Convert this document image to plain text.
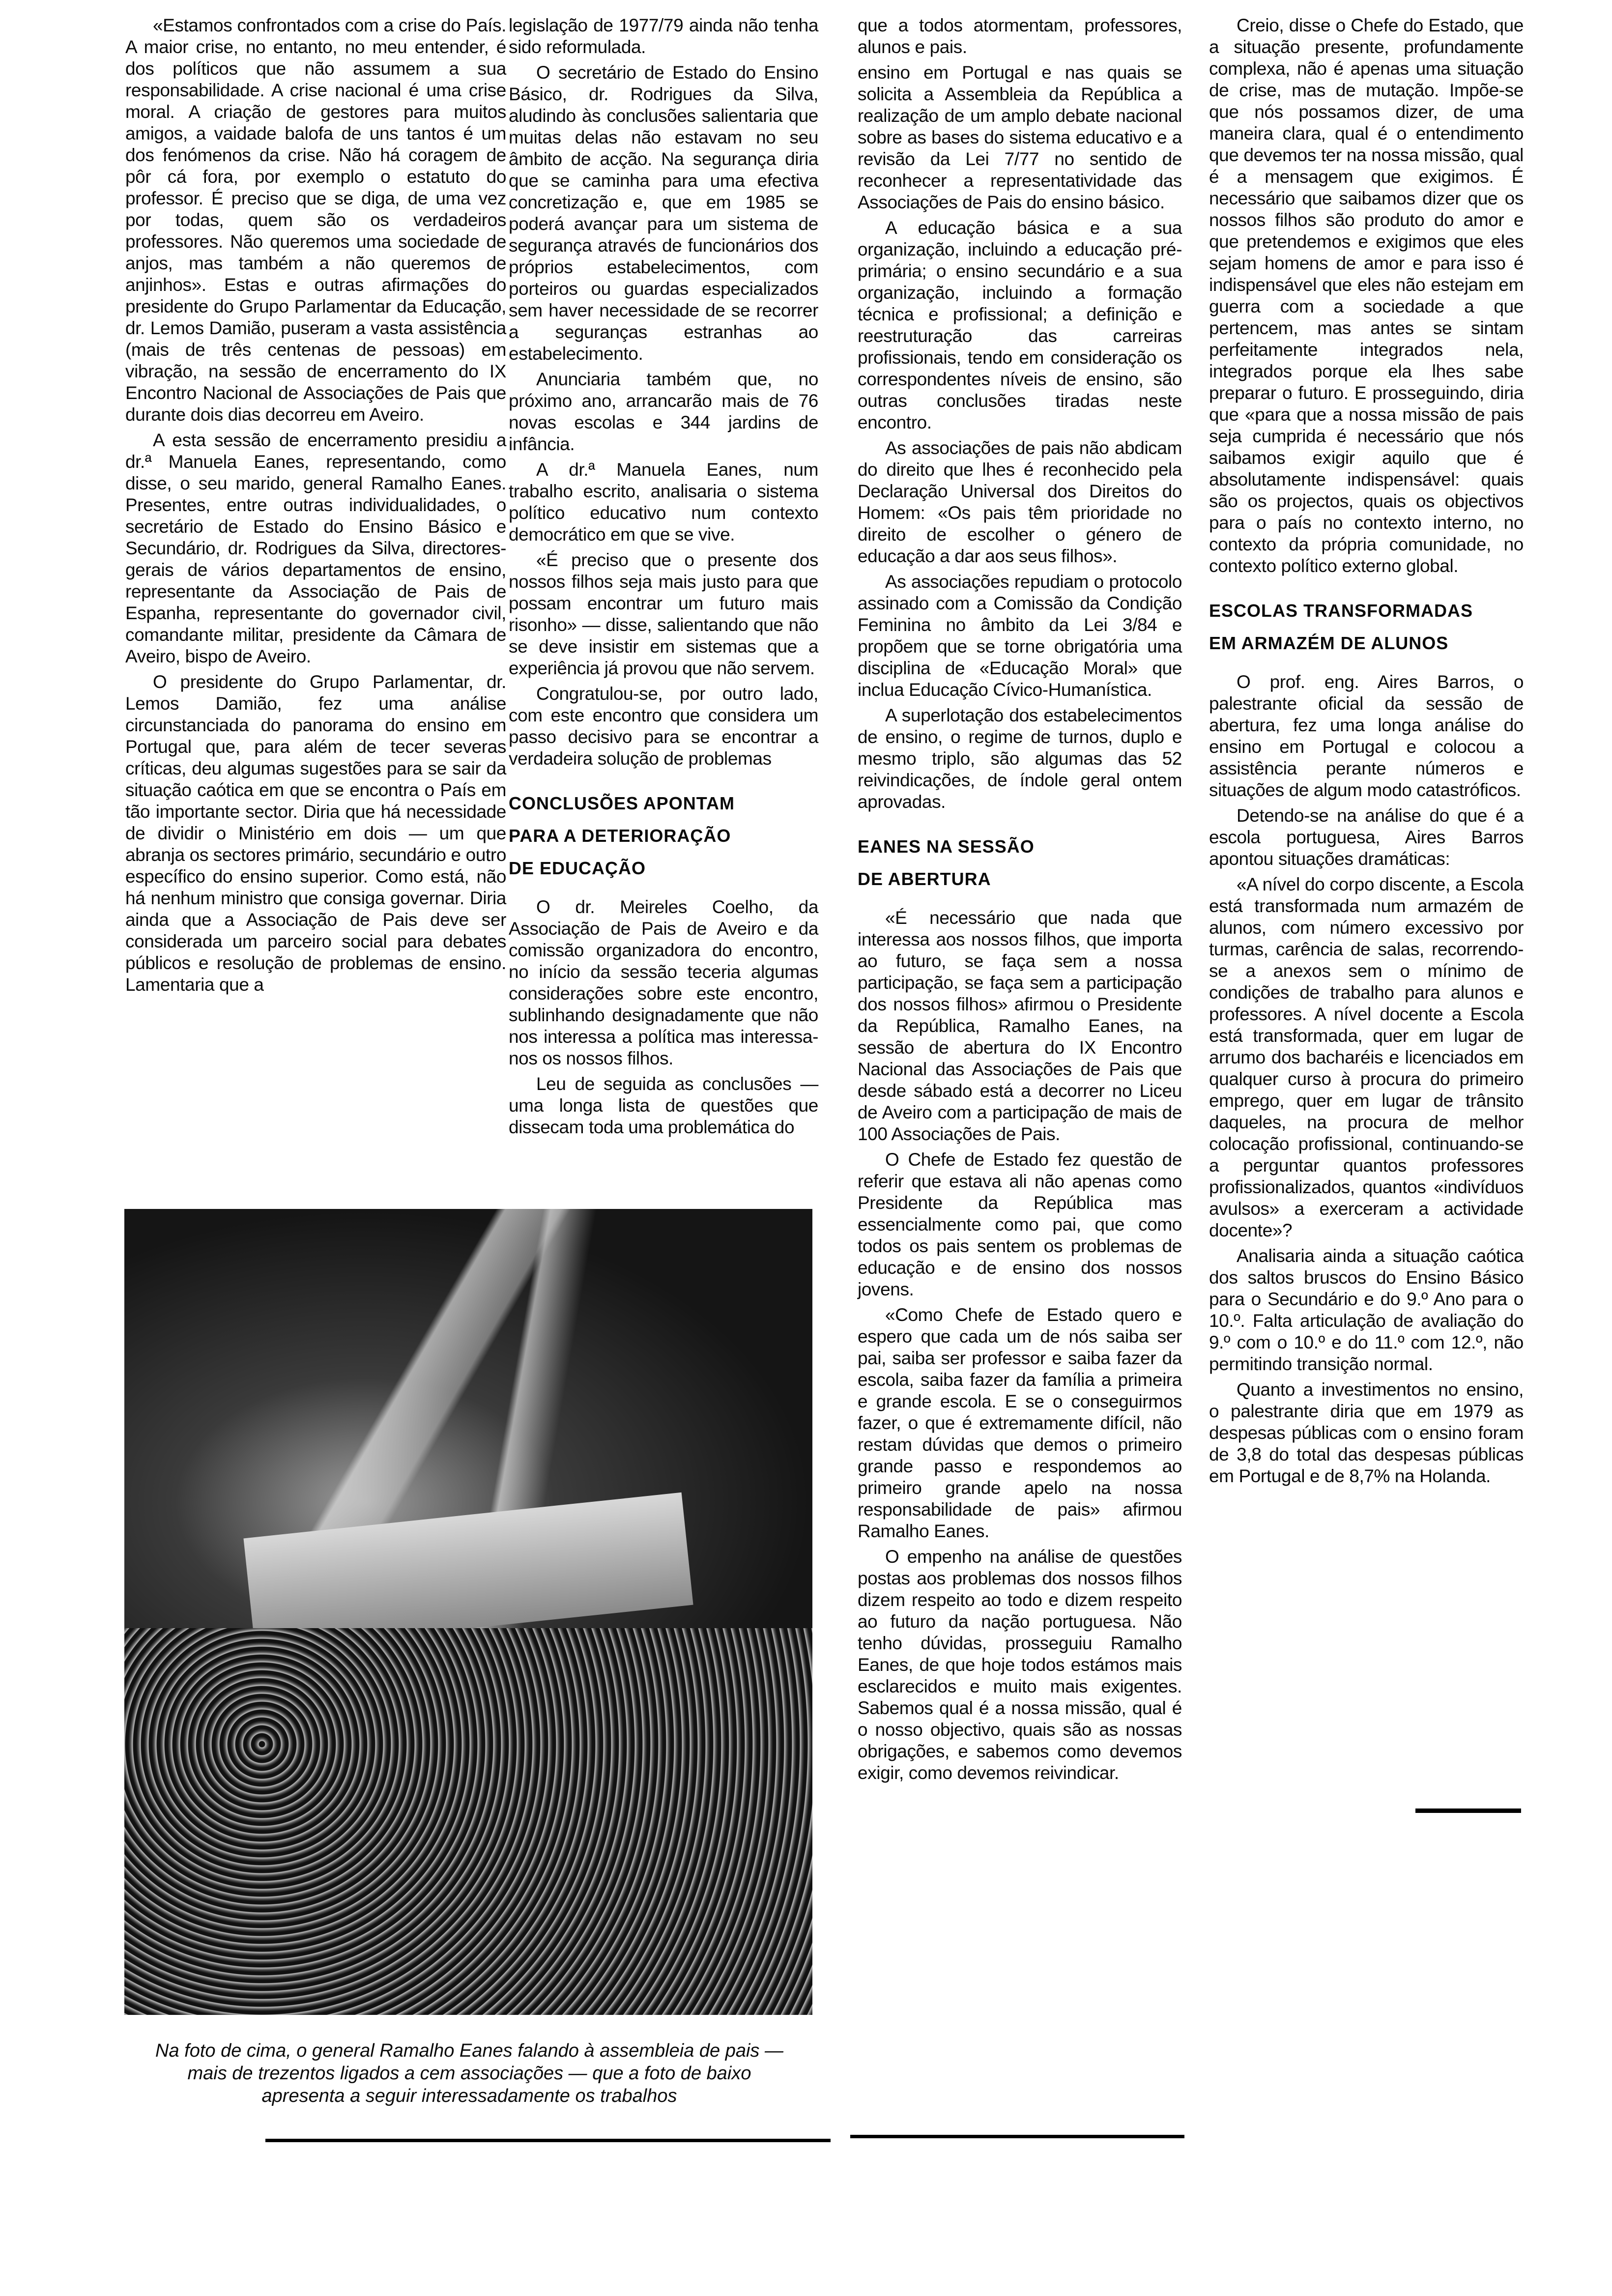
«Estamos confrontados com a crise do País. A maior crise, no entanto, no meu entender, é dos políticos que não assumem a sua responsabilidade. A crise nacional é uma crise moral. A criação de gestores para muitos amigos, a vaidade balofa de uns tantos é um dos fenómenos da crise. Não há coragem de pôr cá fora, por exemplo o estatuto do professor. É preciso que se diga, de uma vez por todas, quem são os verdadeiros professores. Não queremos uma sociedade de anjos, mas também a não queremos de anjinhos». Estas e outras afirmações do presidente do Grupo Parlamentar da Educação, dr. Lemos Damião, puseram a vasta assistência (mais de três centenas de pessoas) em vibração, na sessão de encerramento do IX Encontro Nacional de Associações de Pais que durante dois dias decorreu em Aveiro.

A esta sessão de encerramento presidiu a dr.ª Manuela Eanes, representando, como disse, o seu marido, general Ramalho Eanes. Presentes, entre outras individualidades, o secretário de Estado do Ensino Básico e Secundário, dr. Rodrigues da Silva, directores-gerais de vários departamentos de ensino, representante da Associação de Pais de Espanha, representante do governador civil, comandante militar, presidente da Câmara de Aveiro, bispo de Aveiro.

O presidente do Grupo Parlamentar, dr. Lemos Damião, fez uma análise circunstanciada do panorama do ensino em Portugal que, para além de tecer severas críticas, deu algumas sugestões para se sair da situação caótica em que se encontra o País em tão importante sector. Diria que há necessidade de dividir o Ministério em dois — um que abranja os sectores primário, secundário e outro específico do ensino superior. Como está, não há nenhum ministro que consiga governar. Diria ainda que a Associação de Pais deve ser considerada um parceiro social para debates públicos e resolução de problemas de ensino. Lamentaria que a

legislação de 1977/79 ainda não tenha sido reformulada.

O secretário de Estado do Ensino Básico, dr. Rodrigues da Silva, aludindo às conclusões salientaria que muitas delas não estavam no seu âmbito de acção. Na segurança diria que se caminha para uma efectiva concretização e, que em 1985 se poderá avançar para um sistema de segurança através de funcionários dos próprios estabelecimentos, com porteiros ou guardas especializados sem haver necessidade de se recorrer a seguranças estranhas ao estabelecimento.

Anunciaria também que, no próximo ano, arrancarão mais de 76 novas escolas e 344 jardins de infância.

A dr.ª Manuela Eanes, num trabalho escrito, analisaria o sistema político educativo num contexto democrático em que se vive.

«É preciso que o presente dos nossos filhos seja mais justo para que possam encontrar um futuro mais risonho» — disse, salientando que não se deve insistir em sistemas que a experiência já provou que não servem.

Congratulou-se, por outro lado, com este encontro que considera um passo decisivo para se encontrar a verdadeira solução de problemas

CONCLUSÕES APONTAM
PARA A DETERIORAÇÃO
DE EDUCAÇÃO

O dr. Meireles Coelho, da Associação de Pais de Aveiro e da comissão organizadora do encontro, no início da sessão teceria algumas considerações sobre este encontro, sublinhando designadamente que não nos interessa a política mas interessa-nos os nossos filhos.

Leu de seguida as conclusões — uma longa lista de questões que dissecam toda uma problemática do

que a todos atormentam, professores, alunos e pais.

ensino em Portugal e nas quais se solicita a Assembleia da República a realização de um amplo debate nacional sobre as bases do sistema educativo e a revisão da Lei 7/77 no sentido de reconhecer a representatividade das Associações de Pais do ensino básico.

A educação básica e a sua organização, incluindo a educação pré-primária; o ensino secundário e a sua organização, incluindo a formação técnica e profissional; a definição e reestruturação das carreiras profissionais, tendo em consideração os correspondentes níveis de ensino, são outras conclusões tiradas neste encontro.

As associações de pais não abdicam do direito que lhes é reconhecido pela Declaração Universal dos Direitos do Homem: «Os pais têm prioridade no direito de escolher o género de educação a dar aos seus filhos».

As associações repudiam o protocolo assinado com a Comissão da Condição Feminina no âmbito da Lei 3/84 e propõem que se torne obrigatória uma disciplina de «Educação Moral» que inclua Educação Cívico-Humanística.

A superlotação dos estabelecimentos de ensino, o regime de turnos, duplo e mesmo triplo, são algumas das 52 reivindicações, de índole geral ontem aprovadas.

EANES NA SESSÃO
DE ABERTURA

«É necessário que nada que interessa aos nossos filhos, que importa ao futuro, se faça sem a nossa participação, se faça sem a participação dos nossos filhos» afirmou o Presidente da República, Ramalho Eanes, na sessão de abertura do IX Encontro Nacional das Associações de Pais que desde sábado está a decorrer no Liceu de Aveiro com a participação de mais de 100 Associações de Pais.

O Chefe de Estado fez questão de referir que estava ali não apenas como Presidente da República mas essencialmente como pai, que como todos os pais sentem os problemas de educação e de ensino dos nossos jovens.

«Como Chefe de Estado quero e espero que cada um de nós saiba ser pai, saiba ser professor e saiba fazer da escola, saiba fazer da família a primeira e grande escola. E se o conseguirmos fazer, o que é extremamente difícil, não restam dúvidas que demos o primeiro grande passo e respondemos ao primeiro grande apelo na nossa responsabilidade de pais» afirmou Ramalho Eanes.

O empenho na análise de questões postas aos problemas dos nossos filhos dizem respeito ao todo e dizem respeito ao futuro da nação portuguesa. Não tenho dúvidas, prosseguiu Ramalho Eanes, de que hoje todos estámos mais esclarecidos e muito mais exigentes. Sabemos qual é a nossa missão, qual é o nosso objectivo, quais são as nossas obrigações, e sabemos como devemos exigir, como devemos reivindicar.

Creio, disse o Chefe do Estado, que a situação presente, profundamente complexa, não é apenas uma situação de crise, mas de mutação. Impõe-se que nós possamos dizer, de uma maneira clara, qual é o entendimento que devemos ter na nossa missão, qual é a mensagem que exigimos. É necessário que saibamos dizer que os nossos filhos são produto do amor e que pretendemos e exigimos que eles sejam homens de amor e para isso é indispensável que eles não estejam em guerra com a sociedade a que pertencem, mas antes se sintam perfeitamente integrados nela, integrados porque ela lhes sabe preparar o futuro. E prosseguindo, diria que «para que a nossa missão de pais seja cumprida é necessário que nós saibamos exigir aquilo que é absolutamente indispensável: quais são os projectos, quais os objectivos para o país no contexto interno, no contexto da própria comunidade, no contexto político externo global.

ESCOLAS TRANSFORMADAS
EM ARMAZÉM DE ALUNOS

O prof. eng. Aires Barros, o palestrante oficial da sessão de abertura, fez uma longa análise do ensino em Portugal e colocou a assistência perante números e situações de algum modo catastróficos.

Detendo-se na análise do que é a escola portuguesa, Aires Barros apontou situações dramáticas:

«A nível do corpo discente, a Escola está transformada num armazém de alunos, com número excessivo por turmas, carência de salas, recorrendo-se a anexos sem o mínimo de condições de trabalho para alunos e professores. A nível docente a Escola está transformada, quer em lugar de arrumo dos bacharéis e licenciados em qualquer curso à procura do primeiro emprego, quer em lugar de trânsito daqueles, na procura de melhor colocação profissional, continuando-se a perguntar quantos professores profissionalizados, quantos «indivíduos avulsos» a exerceram a actividade docente»?

Analisaria ainda a situação caótica dos saltos bruscos do Ensino Básico para o Secundário e do 9.º Ano para o 10.º. Falta articulação de avaliação do 9.º com o 10.º e do 11.º com 12.º, não permitindo transição normal.

Quanto a investimentos no ensino, o palestrante diria que em 1979 as despesas públicas com o ensino foram de 3,8 do total das despesas públicas em Portugal e de 8,7% na Holanda.

Na foto de cima, o general Ramalho Eanes falando à assembleia de pais —
mais de trezentos ligados a cem associações — que a foto de baixo
apresenta a seguir interessadamente os trabalhos
